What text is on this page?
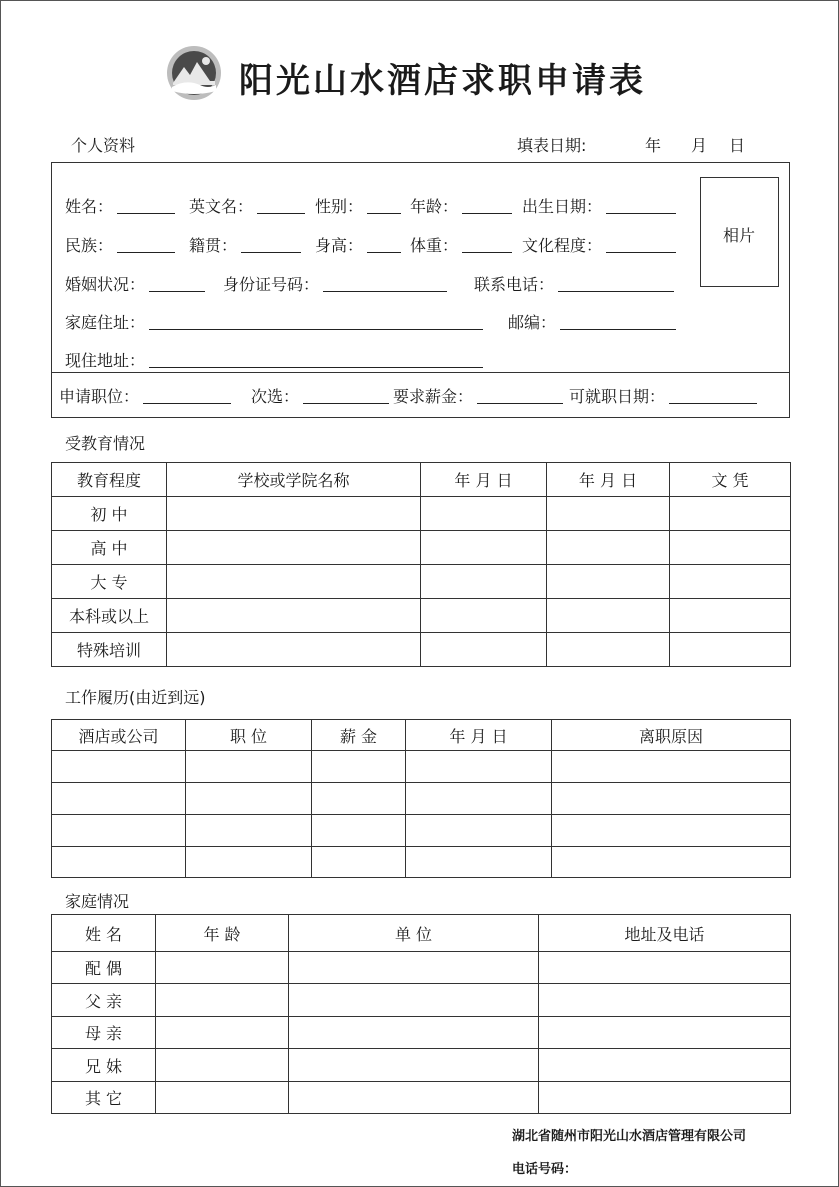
阳光山水酒店求职申请表
个人资料	填表日期:	年 月 日
姓名：	英文名：	性别：	年龄：	出生日期：
民族：	籍贯：	身高：	体重：	文化程度：
婚姻状况：	身份证号码：	联系电话：
家庭住址：	邮编：
现住地址：
相片
申请职位：	次选：	要求薪金：	可就职日期：
受教育情况
教育程度	学校或学院名称	年 月 日	年 月 日	文 凭
初 中				
高 中				
大 专				
本科或以上				
特殊培训				
工作履历(由近到远)
酒店或公司	职 位	薪 金	年 月 日	离职原因

家庭情况
姓 名	年 龄	单 位	地址及电话
配 偶			
父 亲			
母 亲			
兄 妹			
其 它			
湖北省随州市阳光山水酒店管理有限公司
电话号码：
